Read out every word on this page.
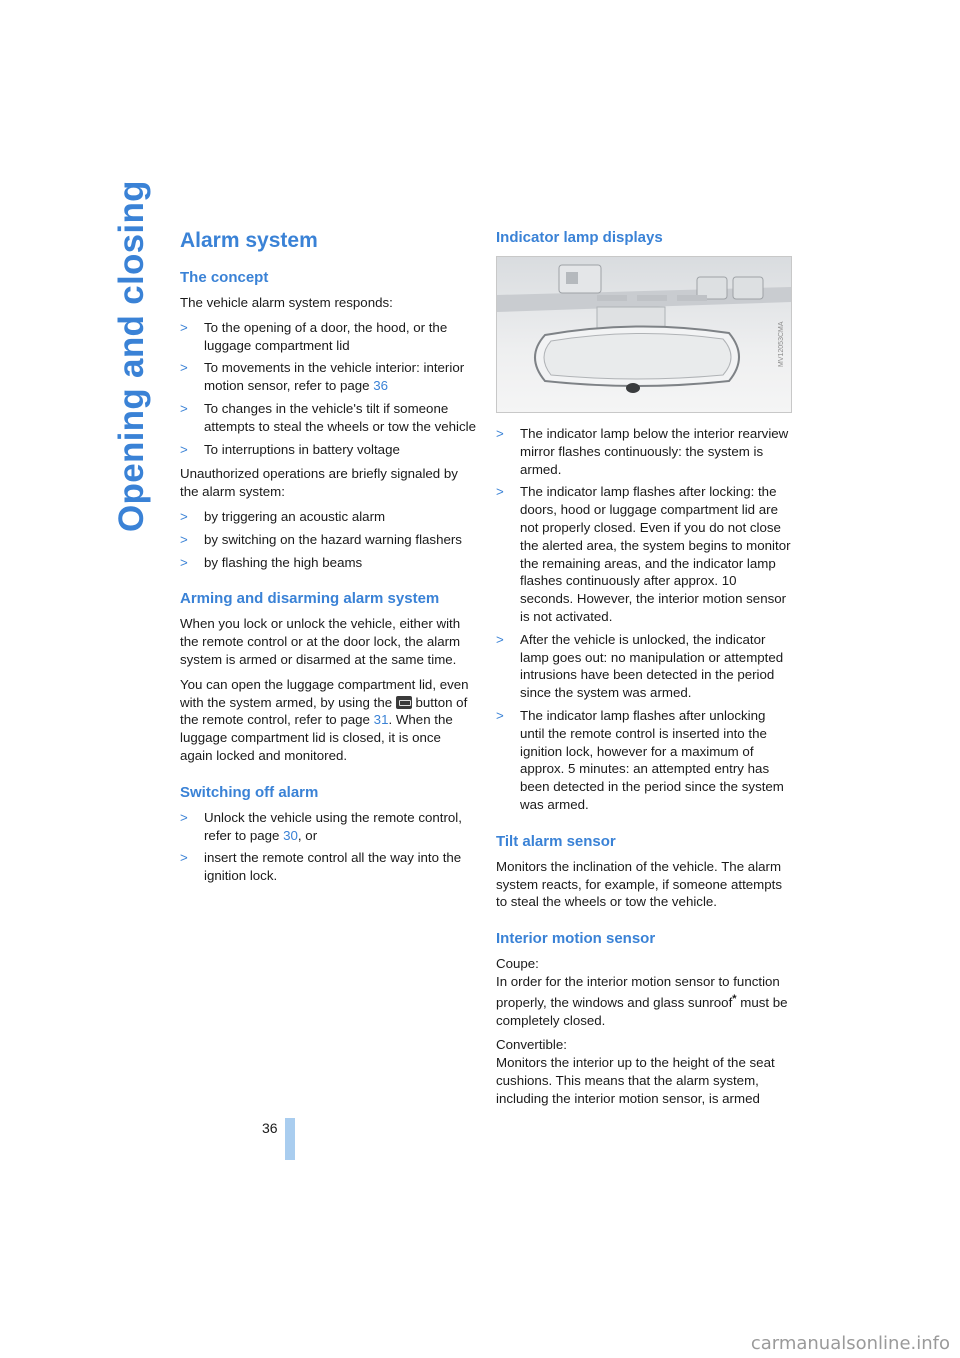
Opening and closing
36
Alarm system
The concept

The vehicle alarm system responds:

> To the opening of a door, the hood, or the luggage compartment lid
> To movements in the vehicle interior: interior motion sensor, refer to page 36
> To changes in the vehicle's tilt if someone attempts to steal the wheels or tow the vehicle
> To interruptions in battery voltage

Unauthorized operations are briefly signaled by the alarm system:

> by triggering an acoustic alarm
> by switching on the hazard warning flashers
> by flashing the high beams
Arming and disarming alarm system

When you lock or unlock the vehicle, either with the remote control or at the door lock, the alarm system is armed or disarmed at the same time.

You can open the luggage compartment lid, even with the system armed, by using the button of the remote control, refer to page 31. When the luggage compartment lid is closed, it is once again locked and monitored.

Switching off alarm
> Unlock the vehicle using the remote control, refer to page 30, or
> insert the remote control all the way into the ignition lock.
Indicator lamp displays
MV12053CMA
> The indicator lamp below the interior rearview mirror flashes continuously: the system is armed.
> The indicator lamp flashes after locking: the doors, hood or luggage compartment lid are not properly closed. Even if you do not close the alerted area, the system begins to monitor the remaining areas, and the indicator lamp flashes continuously after approx. 10 seconds. However, the interior motion sensor is not activated.
> After the vehicle is unlocked, the indicator lamp goes out: no manipulation or attempted intrusions have been detected in the period since the system was armed.
> The indicator lamp flashes after unlocking until the remote control is inserted into the ignition lock, however for a maximum of approx. 5 minutes: an attempted entry has been detected in the period since the system was armed.
Tilt alarm sensor

Monitors the inclination of the vehicle. The alarm system reacts, for example, if someone attempts to steal the wheels or tow the vehicle.

Interior motion sensor

Coupe:
In order for the interior motion sensor to function properly, the windows and glass sunroof* must be completely closed.

Convertible:
Monitors the interior up to the height of the seat cushions. This means that the alarm system, including the interior motion sensor, is armed

carmanualsonline.info
